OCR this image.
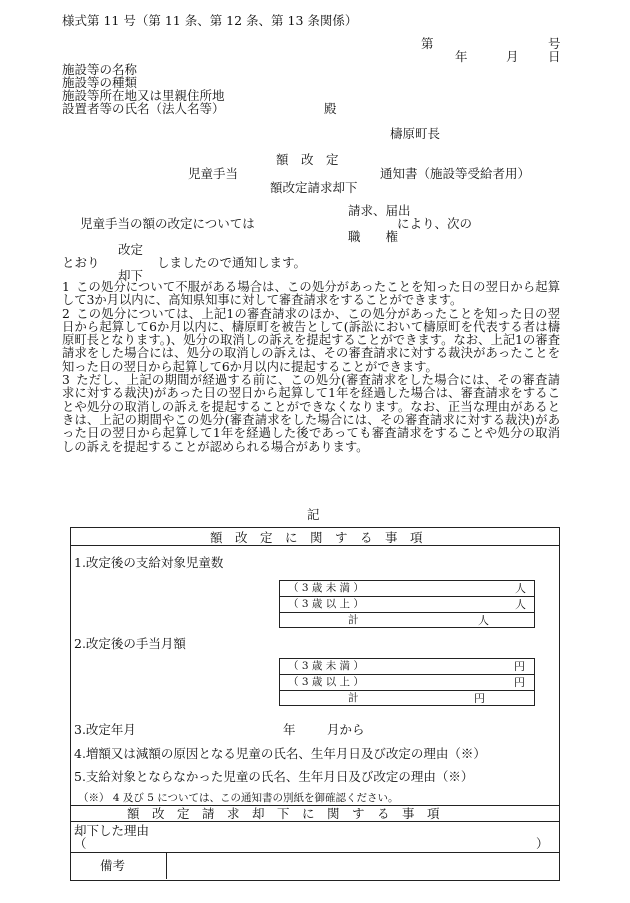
様式第 11 号（第 11 条、第 12 条、第 13 条関係）
第	号
年	月 日
施設等の名称
施設等の種類
施設等所在地又は里親住所地
設置者等の氏名（法人名等）	殿
檮原町長
額　改　定
児童手当	通知書（施設等受給者用）
額改定請求却下
請求、届出
児童手当の額の改定については	により、次の
職　　権
改定
とおり	しましたので通知します。
却下
1 この処分について不服がある場合は、この処分があったことを知った日の翌日から起算して3か月以内に、高知県知事に対して審査請求をすることができます。
2 この処分については、上記1の審査請求のほか、この処分があったことを知った日の翌日から起算して6か月以内に、檮原町を被告として(訴訟において檮原町を代表する者は檮原町長となります。)、処分の取消しの訴えを提起することができます。なお、上記1の審査請求をした場合には、処分の取消しの訴えは、その審査請求に対する裁決があったことを知った日の翌日から起算して6か月以内に提起することができます。
3 ただし、上記の期間が経過する前に、この処分(審査請求をした場合には、その審査請求に対する裁決)があった日の翌日から起算して1年を経過した場合は、審査請求をすることや処分の取消しの訴えを提起することができなくなります。なお、正当な理由があるときは、上記の期間やこの処分(審査請求をした場合には、その審査請求に対する裁決)があった日の翌日から起算して1年を経過した後であっても審査請求をすることや処分の取消しの訴えを提起することが認められる場合があります。
記
額　改　定　に　関　す　る　事　項
1.改定後の支給対象児童数
（ 3 歳 未 満 ）	人
（ 3 歳 以 上 ）	人
計	人
2.改定後の手当月額
（ 3 歳 未 満 ）	円
（ 3 歳 以 上 ）	円
計	円
3.改定年月	年	月から
4.増額又は減額の原因となる児童の氏名、生年月日及び改定の理由（※）
5.支給対象とならなかった児童の氏名、生年月日及び改定の理由（※）
（※） 4 及び 5 については、この通知書の別紙を御確認ください。
額　改　定　請　求　却　下　に　関　す　る　事　項
却下した理由
（	）
備考
